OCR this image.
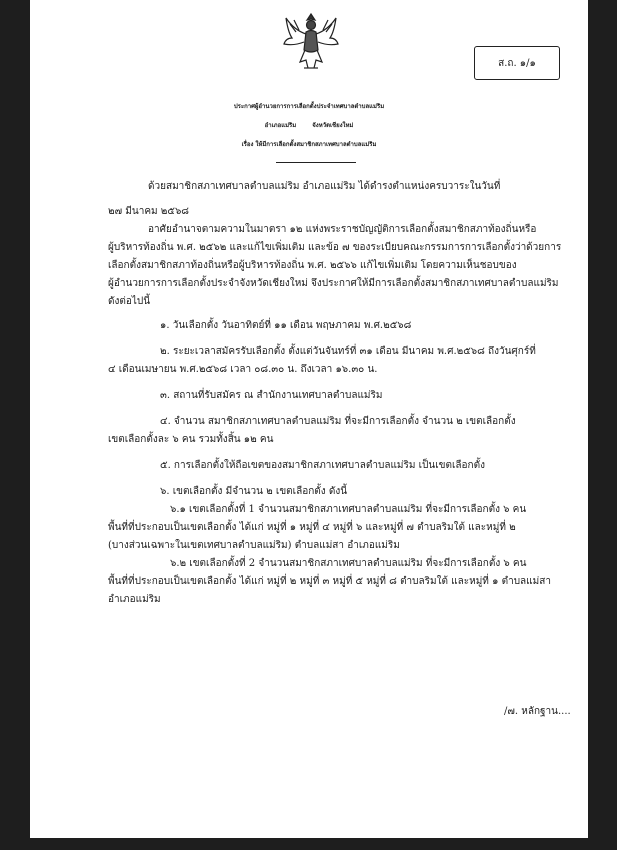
ส.ถ. ๑/๑
ประกาศผู้อำนวยการการเลือกตั้งประจำเทศบาลตำบลแม่ริม
อำเภอแม่ริม จังหวัดเชียงใหม่
เรื่อง ให้มีการเลือกตั้งสมาชิกสภาเทศบาลตำบลแม่ริม
ด้วยสมาชิกสภาเทศบาลตำบลแม่ริม อำเภอแม่ริม ได้ดำรงตำแหน่งครบวาระในวันที่
๒๗ มีนาคม ๒๕๖๘
อาศัยอำนาจตามความในมาตรา ๑๒ แห่งพระราชบัญญัติการเลือกตั้งสมาชิกสภาท้องถิ่นหรือ
ผู้บริหารท้องถิ่น พ.ศ. ๒๕๖๒ และแก้ไขเพิ่มเติม และข้อ ๗ ของระเบียบคณะกรรมการการเลือกตั้งว่าด้วยการ
เลือกตั้งสมาชิกสภาท้องถิ่นหรือผู้บริหารท้องถิ่น พ.ศ. ๒๕๖๖ แก้ไขเพิ่มเติม โดยความเห็นชอบของ
ผู้อำนวยการการเลือกตั้งประจำจังหวัดเชียงใหม่ จึงประกาศให้มีการเลือกตั้งสมาชิกสภาเทศบาลตำบลแม่ริม
ดังต่อไปนี้
๑. วันเลือกตั้ง วันอาทิตย์ที่ ๑๑ เดือน พฤษภาคม พ.ศ.๒๕๖๘
๒. ระยะเวลาสมัครรับเลือกตั้ง ตั้งแต่วันจันทร์ที่ ๓๑ เดือน มีนาคม พ.ศ.๒๕๖๘ ถึงวันศุกร์ที่
๔ เดือนเมษายน พ.ศ.๒๕๖๘ เวลา ๐๘.๓๐ น. ถึงเวลา ๑๖.๓๐ น.
๓. สถานที่รับสมัคร ณ สำนักงานเทศบาลตำบลแม่ริม
๔. จำนวน สมาชิกสภาเทศบาลตำบลแม่ริม ที่จะมีการเลือกตั้ง จำนวน ๒ เขตเลือกตั้ง
เขตเลือกตั้งละ ๖ คน รวมทั้งสิ้น ๑๒ คน
๕. การเลือกตั้งให้ถือเขตของสมาชิกสภาเทศบาลตำบลแม่ริม เป็นเขตเลือกตั้ง
๖. เขตเลือกตั้ง มีจำนวน ๒ เขตเลือกตั้ง ดังนี้
๖.๑ เขตเลือกตั้งที่ 1 จำนวนสมาชิกสภาเทศบาลตำบลแม่ริม ที่จะมีการเลือกตั้ง ๖ คน
พื้นที่ที่ประกอบเป็นเขตเลือกตั้ง ได้แก่ หมู่ที่ ๑ หมู่ที่ ๔ หมู่ที่ ๖ และหมู่ที่ ๗ ตำบลริมใต้ และหมู่ที่ ๒
(บางส่วนเฉพาะในเขตเทศบาลตำบลแม่ริม) ตำบลแม่สา อำเภอแม่ริม
๖.๒ เขตเลือกตั้งที่ 2 จำนวนสมาชิกสภาเทศบาลตำบลแม่ริม ที่จะมีการเลือกตั้ง ๖ คน
พื้นที่ที่ประกอบเป็นเขตเลือกตั้ง ได้แก่ หมู่ที่ ๒ หมู่ที่ ๓ หมู่ที่ ๕ หมู่ที่ ๘ ตำบลริมใต้ และหมู่ที่ ๑ ตำบลแม่สา
อำเภอแม่ริม
/๗. หลักฐาน....
